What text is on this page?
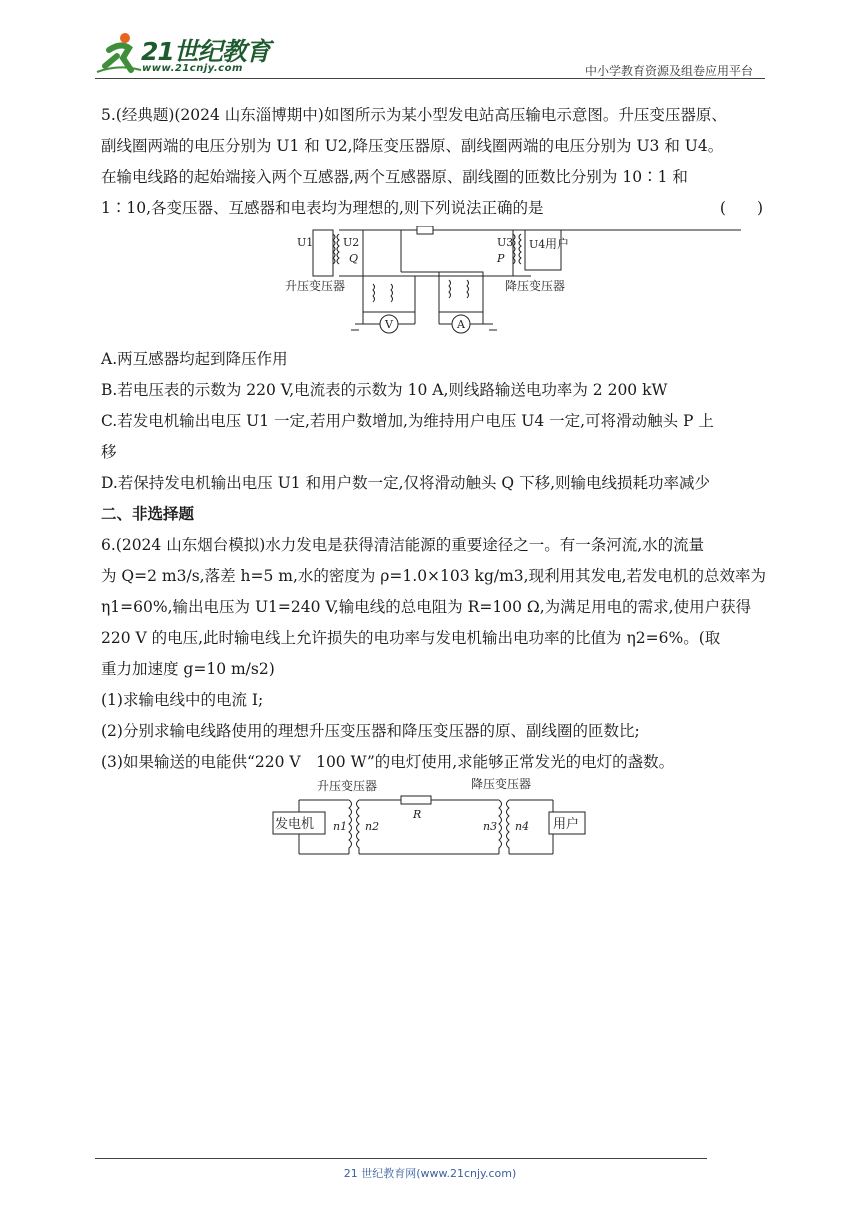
21世纪教育
www.21cnjy.com	中小学教育资源及组卷应用平台

5.(经典题)(2024 山东淄博期中)如图所示为某小型发电站高压输电示意图。升压变压器原、

副线圈两端的电压分别为 U1 和 U2,降压变压器原、副线圈两端的电压分别为 U3 和 U4。

在输电线路的起始端接入两个互感器,两个互感器原、副线圈的匝数比分别为 10∶1 和

1∶10,各变压器、互感器和电表均为理想的,则下列说法正确的是	(　　)

U1	U2
Q
U3
P
U4 用户
升压变压器	降压变压器
V	A

A.两互感器均起到降压作用

B.若电压表的示数为 220 V,电流表的示数为 10 A,则线路输送电功率为 2 200 kW

C.若发电机输出电压 U1 一定,若用户数增加,为维持用户电压 U4 一定,可将滑动触头 P 上

移

D.若保持发电机输出电压 U1 和用户数一定,仅将滑动触头 Q 下移,则输电线损耗功率减少

二、非选择题

6.(2024 山东烟台模拟)水力发电是获得清洁能源的重要途径之一。有一条河流,水的流量

为 Q=2 m3/s,落差 h=5 m,水的密度为 ρ=1.0×103 kg/m3,现利用其发电,若发电机的总效率为

η1=60%,输出电压为 U1=240 V,输电线的总电阻为 R=100 Ω,为满足用电的需求,使用户获得

220 V 的电压,此时输电线上允许损失的电功率与发电机输出电功率的比值为 η2=6%。(取

重力加速度 g=10 m/s2)

(1)求输电线中的电流 I;

(2)分别求输电线路使用的理想升压变压器和降压变压器的原、副线圈的匝数比;

(3)如果输送的电能供“220 V　100 W”的电灯使用,求能够正常发光的电灯的盏数。

升压变压器	降压变压器
发电机	用户
R
n1 n2	n3 n4
21 世纪教育网(www.21cnjy.com)
